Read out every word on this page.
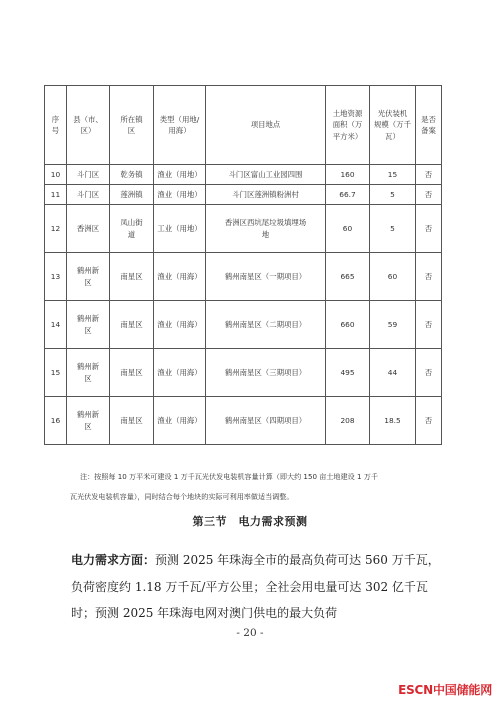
序
号	县（市、
区）	所在镇
区	类型（用地/
用海）	项目地点	土地资源
面积（万
平方米）	光伏装机
规模（万千
瓦）	是否
备案

10	斗门区	乾务镇	渔业（用地）	斗门区富山工业园四围	160	15	否
11	斗门区	莲洲镇	渔业（用地）	斗门区莲洲镇粉洲村	66.7	5	否
12	香洲区	凤山街
道	工业（用地）	香洲区西坑尾垃圾填埋场
地	60	5	否
13	鹤州新
区	南星区	渔业（用海）	鹤州南星区（一期项目）	665	60	否
14	鹤州新
区	南星区	渔业（用海）	鹤州南星区（二期项目）	660	59	否
15	鹤州新
区	南星区	渔业（用海）	鹤州南星区（三期项目）	495	44	否
16	鹤州新
区	南星区	渔业（用海）	鹤州南星区（四期项目）	208	18.5	否

注：按照每 10 万平米可建设 1 万千瓦光伏发电装机容量计算（即大约 150 亩土地建设 1 万千

瓦光伏发电装机容量），同时结合每个地块的实际可利用率做适当调整。

第三节　电力需求预测

电力需求方面：预测 2025 年珠海全市的最高负荷可达 560 万千瓦，负荷密度约 1.18 万千瓦/平方公里；全社会用电量可达 302 亿千瓦时；预测 2025 年珠海电网对澳门供电的最大负荷

- 20 -
ESCN中国储能网
